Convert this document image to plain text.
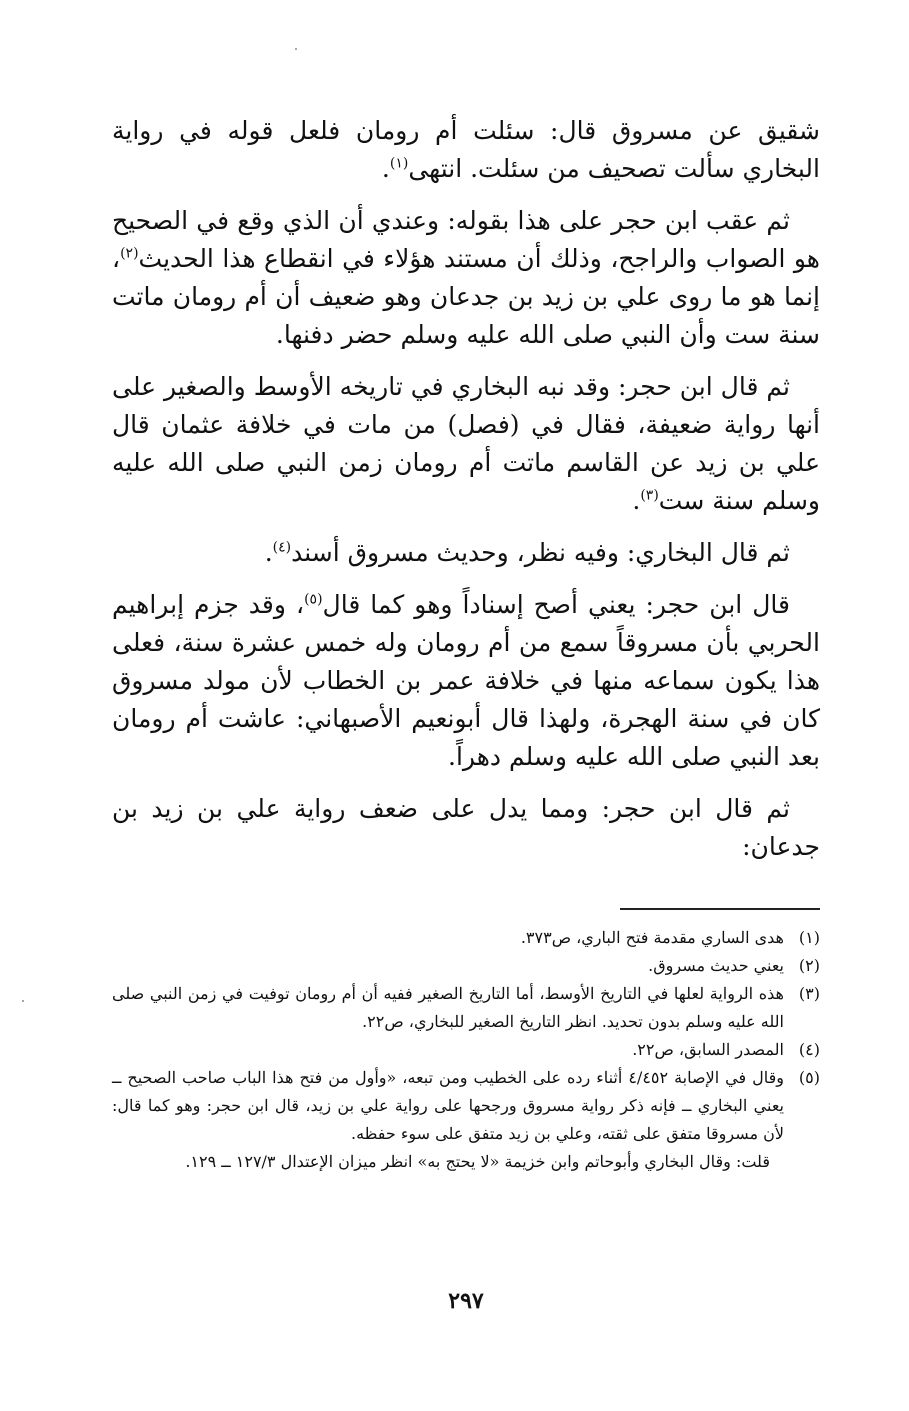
شقيق عن مسروق قال: سئلت أم رومان فلعل قوله في رواية البخاري سألت تصحيف من سئلت. انتهى$^{(١)}$.

ثم عقب ابن حجر على هذا بقوله: وعندي أن الذي وقع في الصحيح هو الصواب والراجح، وذلك أن مستند هؤلاء في انقطاع هذا الحديث$^{(٢)}$، إنما هو ما روى علي بن زيد بن جدعان وهو ضعيف أن أم رومان ماتت سنة ست وأن النبي صلى الله عليه وسلم حضر دفنها.

ثم قال ابن حجر: وقد نبه البخاري في تاريخه الأوسط والصغير على أنها رواية ضعيفة، فقال في (فصل) من مات في خلافة عثمان قال علي بن زيد عن القاسم ماتت أم رومان زمن النبي صلى الله عليه وسلم سنة ست$^{(٣)}$.

ثم قال البخاري: وفيه نظر، وحديث مسروق أسند$^{(٤)}$.

قال ابن حجر: يعني أصح إسناداً وهو كما قال$^{(٥)}$، وقد جزم إبراهيم الحربي بأن مسروقاً سمع من أم رومان وله خمس عشرة سنة، فعلى هذا يكون سماعه منها في خلافة عمر بن الخطاب لأن مولد مسروق كان في سنة الهجرة، ولهذا قال أبونعيم الأصبهاني: عاشت أم رومان بعد النبي صلى الله عليه وسلم دهراً.

ثم قال ابن حجر: ومما يدل على ضعف رواية علي بن زيد بن جدعان:

(١)
هدى الساري مقدمة فتح الباري، ص٣٧٣.
(٢)
يعني حديث مسروق.
(٣)
هذه الرواية لعلها في التاريخ الأوسط، أما التاريخ الصغير ففيه أن أم رومان توفيت في زمن النبي صلى الله عليه وسلم بدون تحديد. انظر التاريخ الصغير للبخاري، ص٢٢.
(٤)
المصدر السابق، ص٢٢.
(٥)
وقال في الإصابة ٤/٤٥٢ أثناء رده على الخطيب ومن تبعه، «وأول من فتح هذا الباب صاحب الصحيح ــ يعني البخاري ــ فإنه ذكر رواية مسروق ورجحها على رواية علي بن زيد، قال ابن حجر: وهو كما قال: لأن مسروقا متفق على ثقته، وعلي بن زيد متفق على سوء حفظه.
قلت: وقال البخاري وأبوحاتم وابن خزيمة «لا يحتج به» انظر ميزان الإعتدال ١٢٧/٣ ــ ١٢٩.
٢٩٧
